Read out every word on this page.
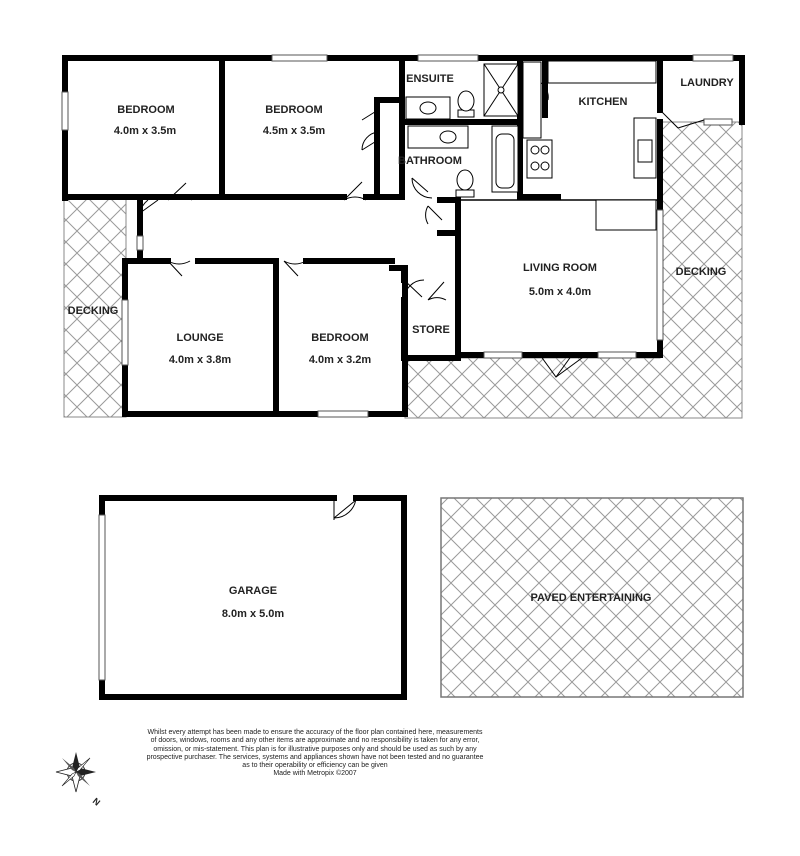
BEDROOM
4.0m x 3.5m
BEDROOM
4.5m x 3.5m
ENSUITE
KITCHEN
LAUNDRY
BATHROOM
DECKING
DECKING
LIVING ROOM
5.0m x 4.0m
LOUNGE
4.0m x 3.8m
BEDROOM
4.0m x 3.2m
STORE
GARAGE
8.0m x 5.0m
PAVED ENTERTAINING
N
Whilst every attempt has been made to ensure the accuracy of the floor plan contained here, measurements
of doors, windows, rooms and any other items are approximate and no responsibility is taken for any error,
omission, or mis-statement. This plan is for illustrative purposes only and should be used as such by any
prospective purchaser. The services, systems and appliances shown have not been tested and no guarantee
as to their operability or efficiency can be given
Made with Metropix ©2007
